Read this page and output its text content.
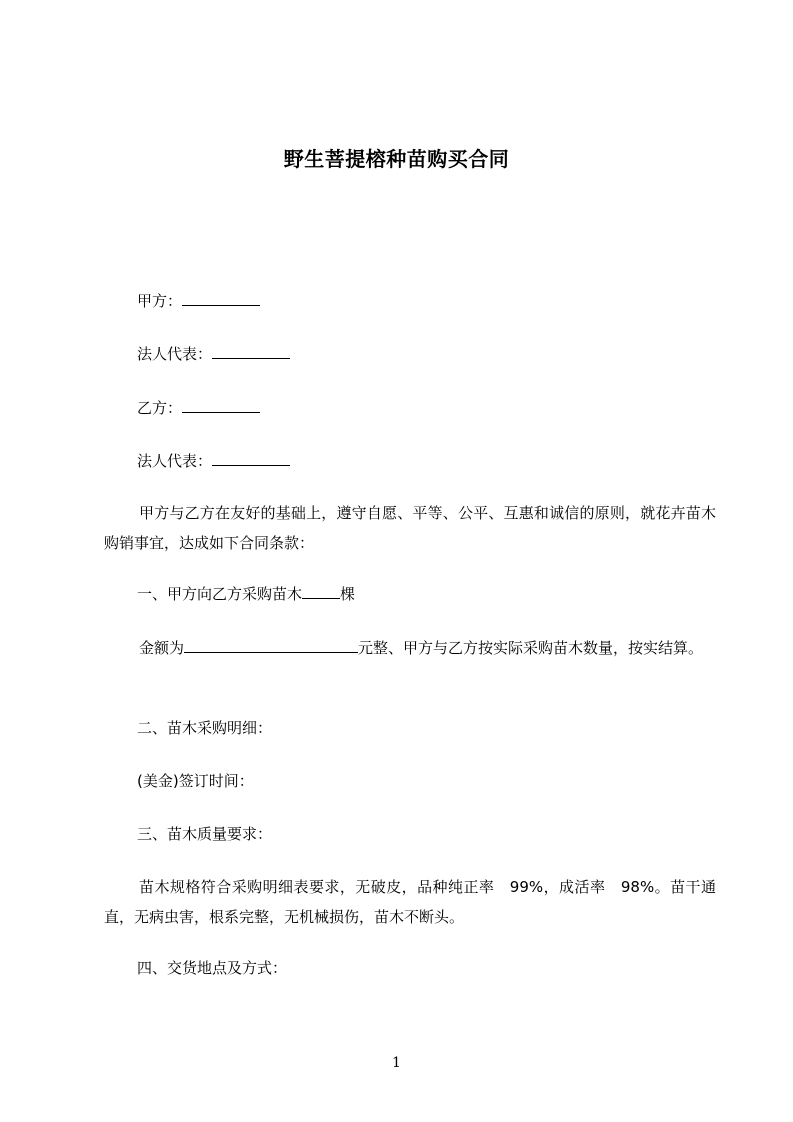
野生菩提榕种苗购买合同
甲方：
法人代表：
乙方：
法人代表：
甲方与乙方在友好的基础上，遵守自愿、平等、公平、互惠和诚信的原则，就花卉苗木购销事宜，达成如下合同条款：
一、甲方向乙方采购苗木	棵
金额为	元整、甲方与乙方按实际采购苗木数量，按实结算。
二、苗木采购明细：
(美金)签订时间：
三、苗木质量要求：
苗木规格符合采购明细表要求，无破皮，品种纯正率　99%，成活率　98%。苗干通直，无病虫害，根系完整，无机械损伤，苗木不断头。
四、交货地点及方式：
1
